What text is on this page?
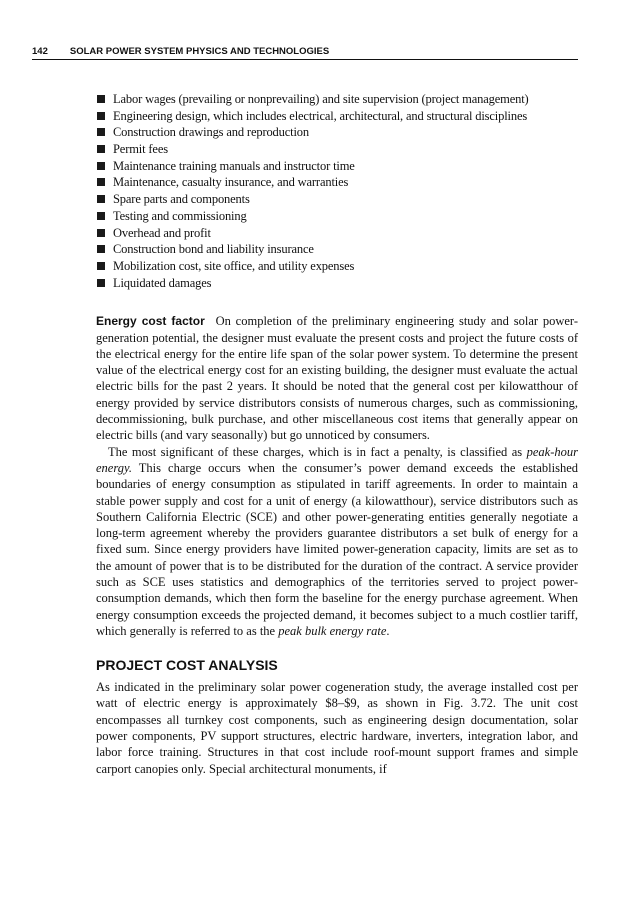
142 SOLAR POWER SYSTEM PHYSICS AND TECHNOLOGIES
Labor wages (prevailing or nonprevailing) and site supervision (project management)
Engineering design, which includes electrical, architectural, and structural disciplines
Construction drawings and reproduction
Permit fees
Maintenance training manuals and instructor time
Maintenance, casualty insurance, and warranties
Spare parts and components
Testing and commissioning
Overhead and profit
Construction bond and liability insurance
Mobilization cost, site office, and utility expenses
Liquidated damages

Energy cost factor On completion of the preliminary engineering study and solar power-generation potential, the designer must evaluate the present costs and project the future costs of the electrical energy for the entire life span of the solar power system. To determine the present value of the electrical energy cost for an existing building, the designer must evaluate the actual electric bills for the past 2 years. It should be noted that the general cost per kilowatthour of energy provided by service distributors consists of numerous charges, such as commissioning, decommissioning, bulk purchase, and other miscellaneous cost items that generally appear on electric bills (and vary seasonally) but go unnoticed by consumers.

The most significant of these charges, which is in fact a penalty, is classified as peak-hour energy. This charge occurs when the consumer’s power demand exceeds the established boundaries of energy consumption as stipulated in tariff agreements. In order to maintain a stable power supply and cost for a unit of energy (a kilowatthour), service distributors such as Southern California Electric (SCE) and other power-generating entities generally negotiate a long-term agreement whereby the providers guarantee distributors a set bulk of energy for a fixed sum. Since energy providers have limited power-generation capacity, limits are set as to the amount of power that is to be distributed for the duration of the contract. A service provider such as SCE uses statistics and demographics of the territories served to project power-consumption demands, which then form the baseline for the energy purchase agreement. When energy consumption exceeds the projected demand, it becomes subject to a much costlier tariff, which generally is referred to as the peak bulk energy rate.

PROJECT COST ANALYSIS

As indicated in the preliminary solar power cogeneration study, the average installed cost per watt of electric energy is approximately $8–$9, as shown in Fig. 3.72. The unit cost encompasses all turnkey cost components, such as engineering design documentation, solar power components, PV support structures, electric hardware, inverters, integration labor, and labor force training. Structures in that cost include roof-mount support frames and simple carport canopies only. Special architectural monuments, if
